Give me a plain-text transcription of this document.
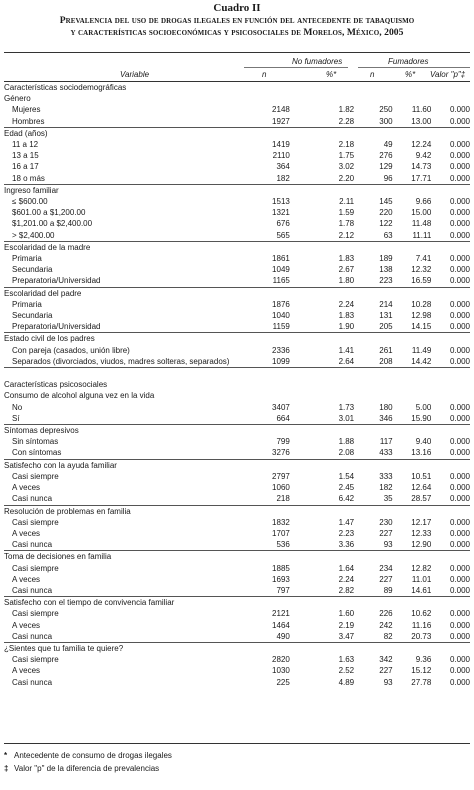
Cuadro II
Prevalencia del uso de drogas ilegales en función del antecedente de tabaquismo
y características socioeconómicas y psicosociales de Morelos, México, 2005
No fumadores	Fumadores
Variable	n	%*	n	%* Valor "p"‡
Características sociodemográficas					
Género					
Mujeres	2148	1.82	250	11.60	0.000
Hombres	1927	2.28	300	13.00	0.000
Edad (años)					
11 a 12	1419	2.18	49	12.24	0.000
13 a 15	2110	1.75	276	9.42	0.000
16 a 17	364	3.02	129	14.73	0.000
18 o más	182	2.20	96	17.71	0.000
Ingreso familiar					
≤ $600.00	1513	2.11	145	9.66	0.000
$601.00 a $1,200.00	1321	1.59	220	15.00	0.000
$1,201.00 a $2,400.00	676	1.78	122	11.48	0.000
> $2,400.00	565	2.12	63	11.11	0.000
Escolaridad de la madre					
Primaria	1861	1.83	189	7.41	0.000
Secundaria	1049	2.67	138	12.32	0.000
Preparatoria/Universidad	1165	1.80	223	16.59	0.000
Escolaridad del padre					
Primaria	1876	2.24	214	10.28	0.000
Secundaria	1040	1.83	131	12.98	0.000
Preparatoria/Universidad	1159	1.90	205	14.15	0.000
Estado civil de los padres					
Con pareja (casados, unión libre)	2336	1.41	261	11.49	0.000
Separados (divorciados, viudos, madres solteras, separados)	1099	2.64	208	14.42	0.000

Características psicosociales					
Consumo de alcohol alguna vez en la vida					
No	3407	1.73	180	5.00	0.000
Sí	664	3.01	346	15.90	0.000
Síntomas depresivos					
Sin síntomas	799	1.88	117	9.40	0.000
Con síntomas	3276	2.08	433	13.16	0.000
Satisfecho con la ayuda familiar					
Casi siempre	2797	1.54	333	10.51	0.000
A veces	1060	2.45	182	12.64	0.000
Casi nunca	218	6.42	35	28.57	0.000
Resolución de problemas en familia					
Casi siempre	1832	1.47	230	12.17	0.000
A veces	1707	2.23	227	12.33	0.000
Casi nunca	536	3.36	93	12.90	0.000
Toma de decisiones en familia					
Casi siempre	1885	1.64	234	12.82	0.000
A veces	1693	2.24	227	11.01	0.000
Casi nunca	797	2.82	89	14.61	0.000
Satisfecho con el tiempo de convivencia familiar					
Casi siempre	2121	1.60	226	10.62	0.000
A veces	1464	2.19	242	11.16	0.000
Casi nunca	490	3.47	82	20.73	0.000
¿Sientes que tu familia te quiere?					
Casi siempre	2820	1.63	342	9.36	0.000
A veces	1030	2.52	227	15.12	0.000
Casi nunca	225	4.89	93	27.78	0.000
* Antecedente de consumo de drogas ilegales
‡ Valor "p" de la diferencia de prevalencias
